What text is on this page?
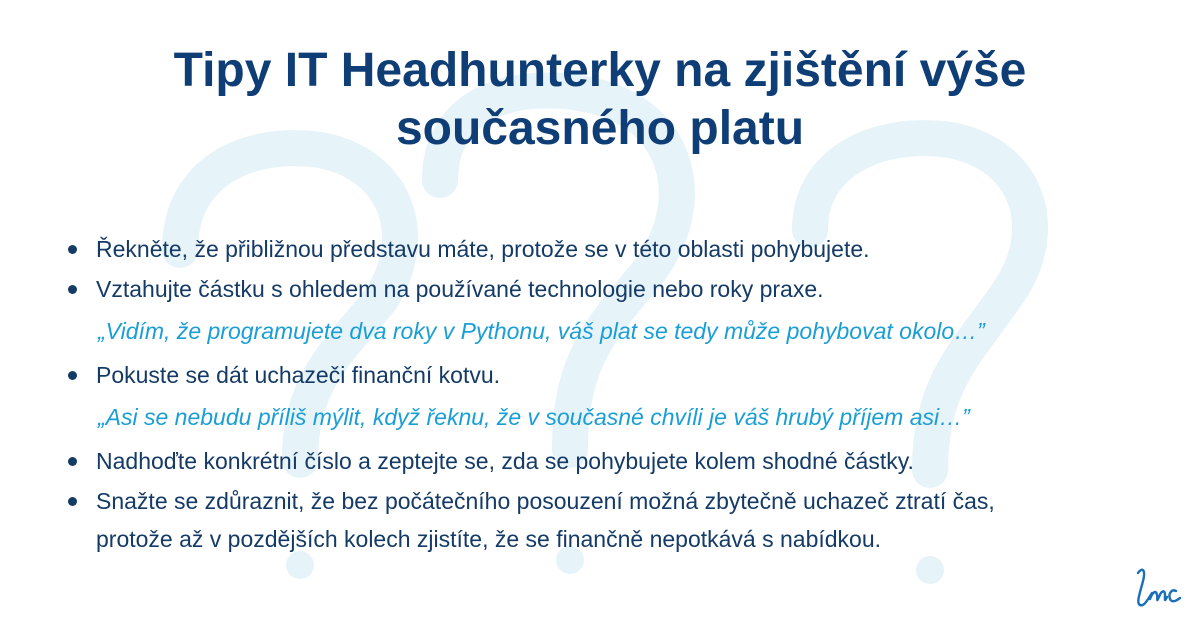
Tipy IT Headhunterky na zjištění výše
současného platu
Řekněte, že přibližnou představu máte, protože se v této oblasti pohybujete.
Vztahujte částku s ohledem na používané technologie nebo roky praxe.
„Vidím, že programujete dva roky v Pythonu, váš plat se tedy může pohybovat okolo…”
Pokuste se dát uchazeči finanční kotvu.
„Asi se nebudu příliš mýlit, když řeknu, že v současné chvíli je váš hrubý příjem asi…”
Nadhoďte konkrétní číslo a zeptejte se, zda se pohybujete kolem shodné částky.
Snažte se zdůraznit, že bez počátečního posouzení možná zbytečně uchazeč ztratí čas,
protože až v pozdějších kolech zjistíte, že se finančně nepotkává s nabídkou.
